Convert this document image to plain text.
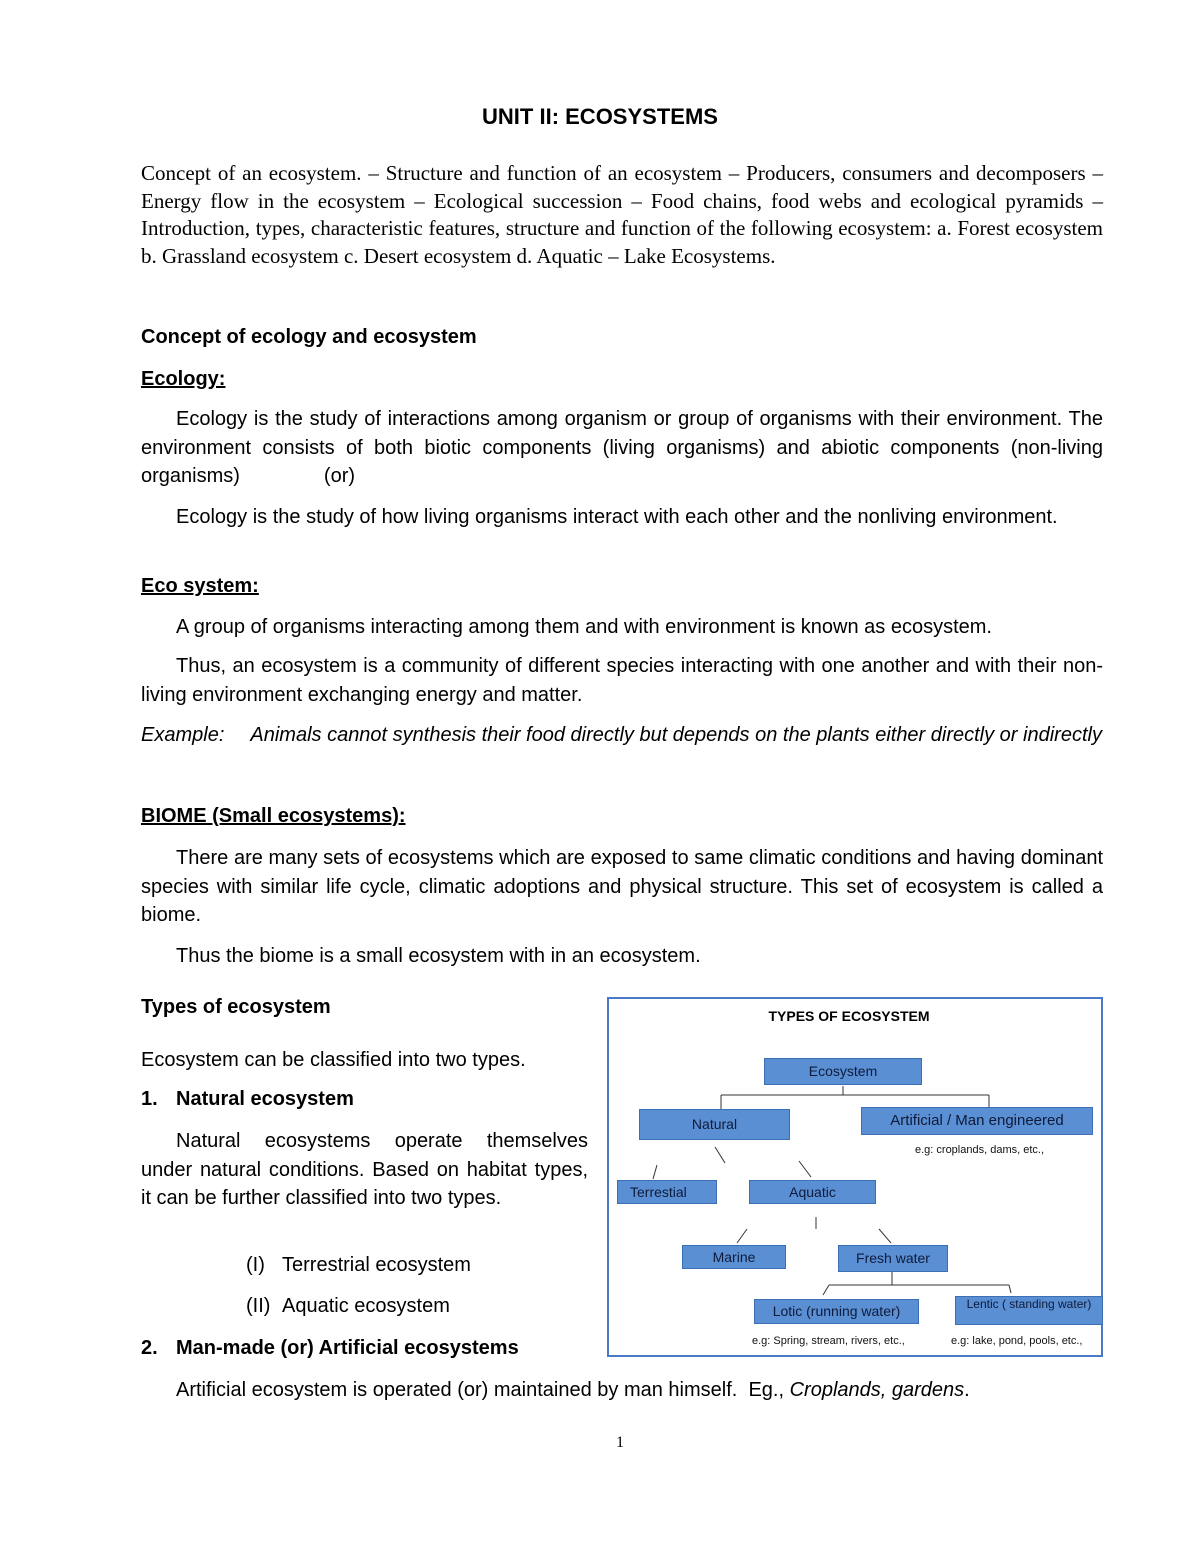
UNIT II: ECOSYSTEMS
Concept of an ecosystem. – Structure and function of an ecosystem – Producers, consumers and decomposers – Energy flow in the ecosystem – Ecological succession – Food chains, food webs and ecological pyramids – Introduction, types, characteristic features, structure and function of the following ecosystem: a. Forest ecosystem b. Grassland ecosystem c. Desert ecosystem d. Aquatic – Lake Ecosystems.
Concept of ecology and ecosystem
Ecology:
Ecology is the study of interactions among organism or group of organisms with their environment. The environment consists of both biotic components (living organisms) and abiotic components (non-living organisms)	(or)
Ecology is the study of how living organisms interact with each other and the nonliving environment.
Eco system:
A group of organisms interacting among them and with environment is known as ecosystem.
Thus, an ecosystem is a community of different species interacting with one another and with their non-living environment exchanging energy and matter.
Example: Animals cannot synthesis their food directly but depends on the plants either directly or indirectly
BIOME (Small ecosystems):
There are many sets of ecosystems which are exposed to same climatic conditions and having dominant species with similar life cycle, climatic adoptions and physical structure. This set of ecosystem is called a biome.
Thus the biome is a small ecosystem with in an ecosystem.
Types of ecosystem
Ecosystem can be classified into two types.
1. Natural ecosystem
Natural ecosystems operate themselves under natural conditions. Based on habitat types, it can be further classified into two types.
(I) Terrestrial ecosystem
(II) Aquatic ecosystem
2. Man-made (or) Artificial ecosystems
Artificial ecosystem is operated (or) maintained by man himself. Eg., Croplands, gardens.
TYPES OF ECOSYSTEM
Ecosystem
Natural	Artificial / Man engineered
e.g: croplands, dams, etc.,
Terrestial	Aquatic
Marine	Fresh water
Lotic (running water)	Lentic ( standing water)
e.g: Spring, stream, rivers, etc.,	e.g: lake, pond, pools, etc.,
1
